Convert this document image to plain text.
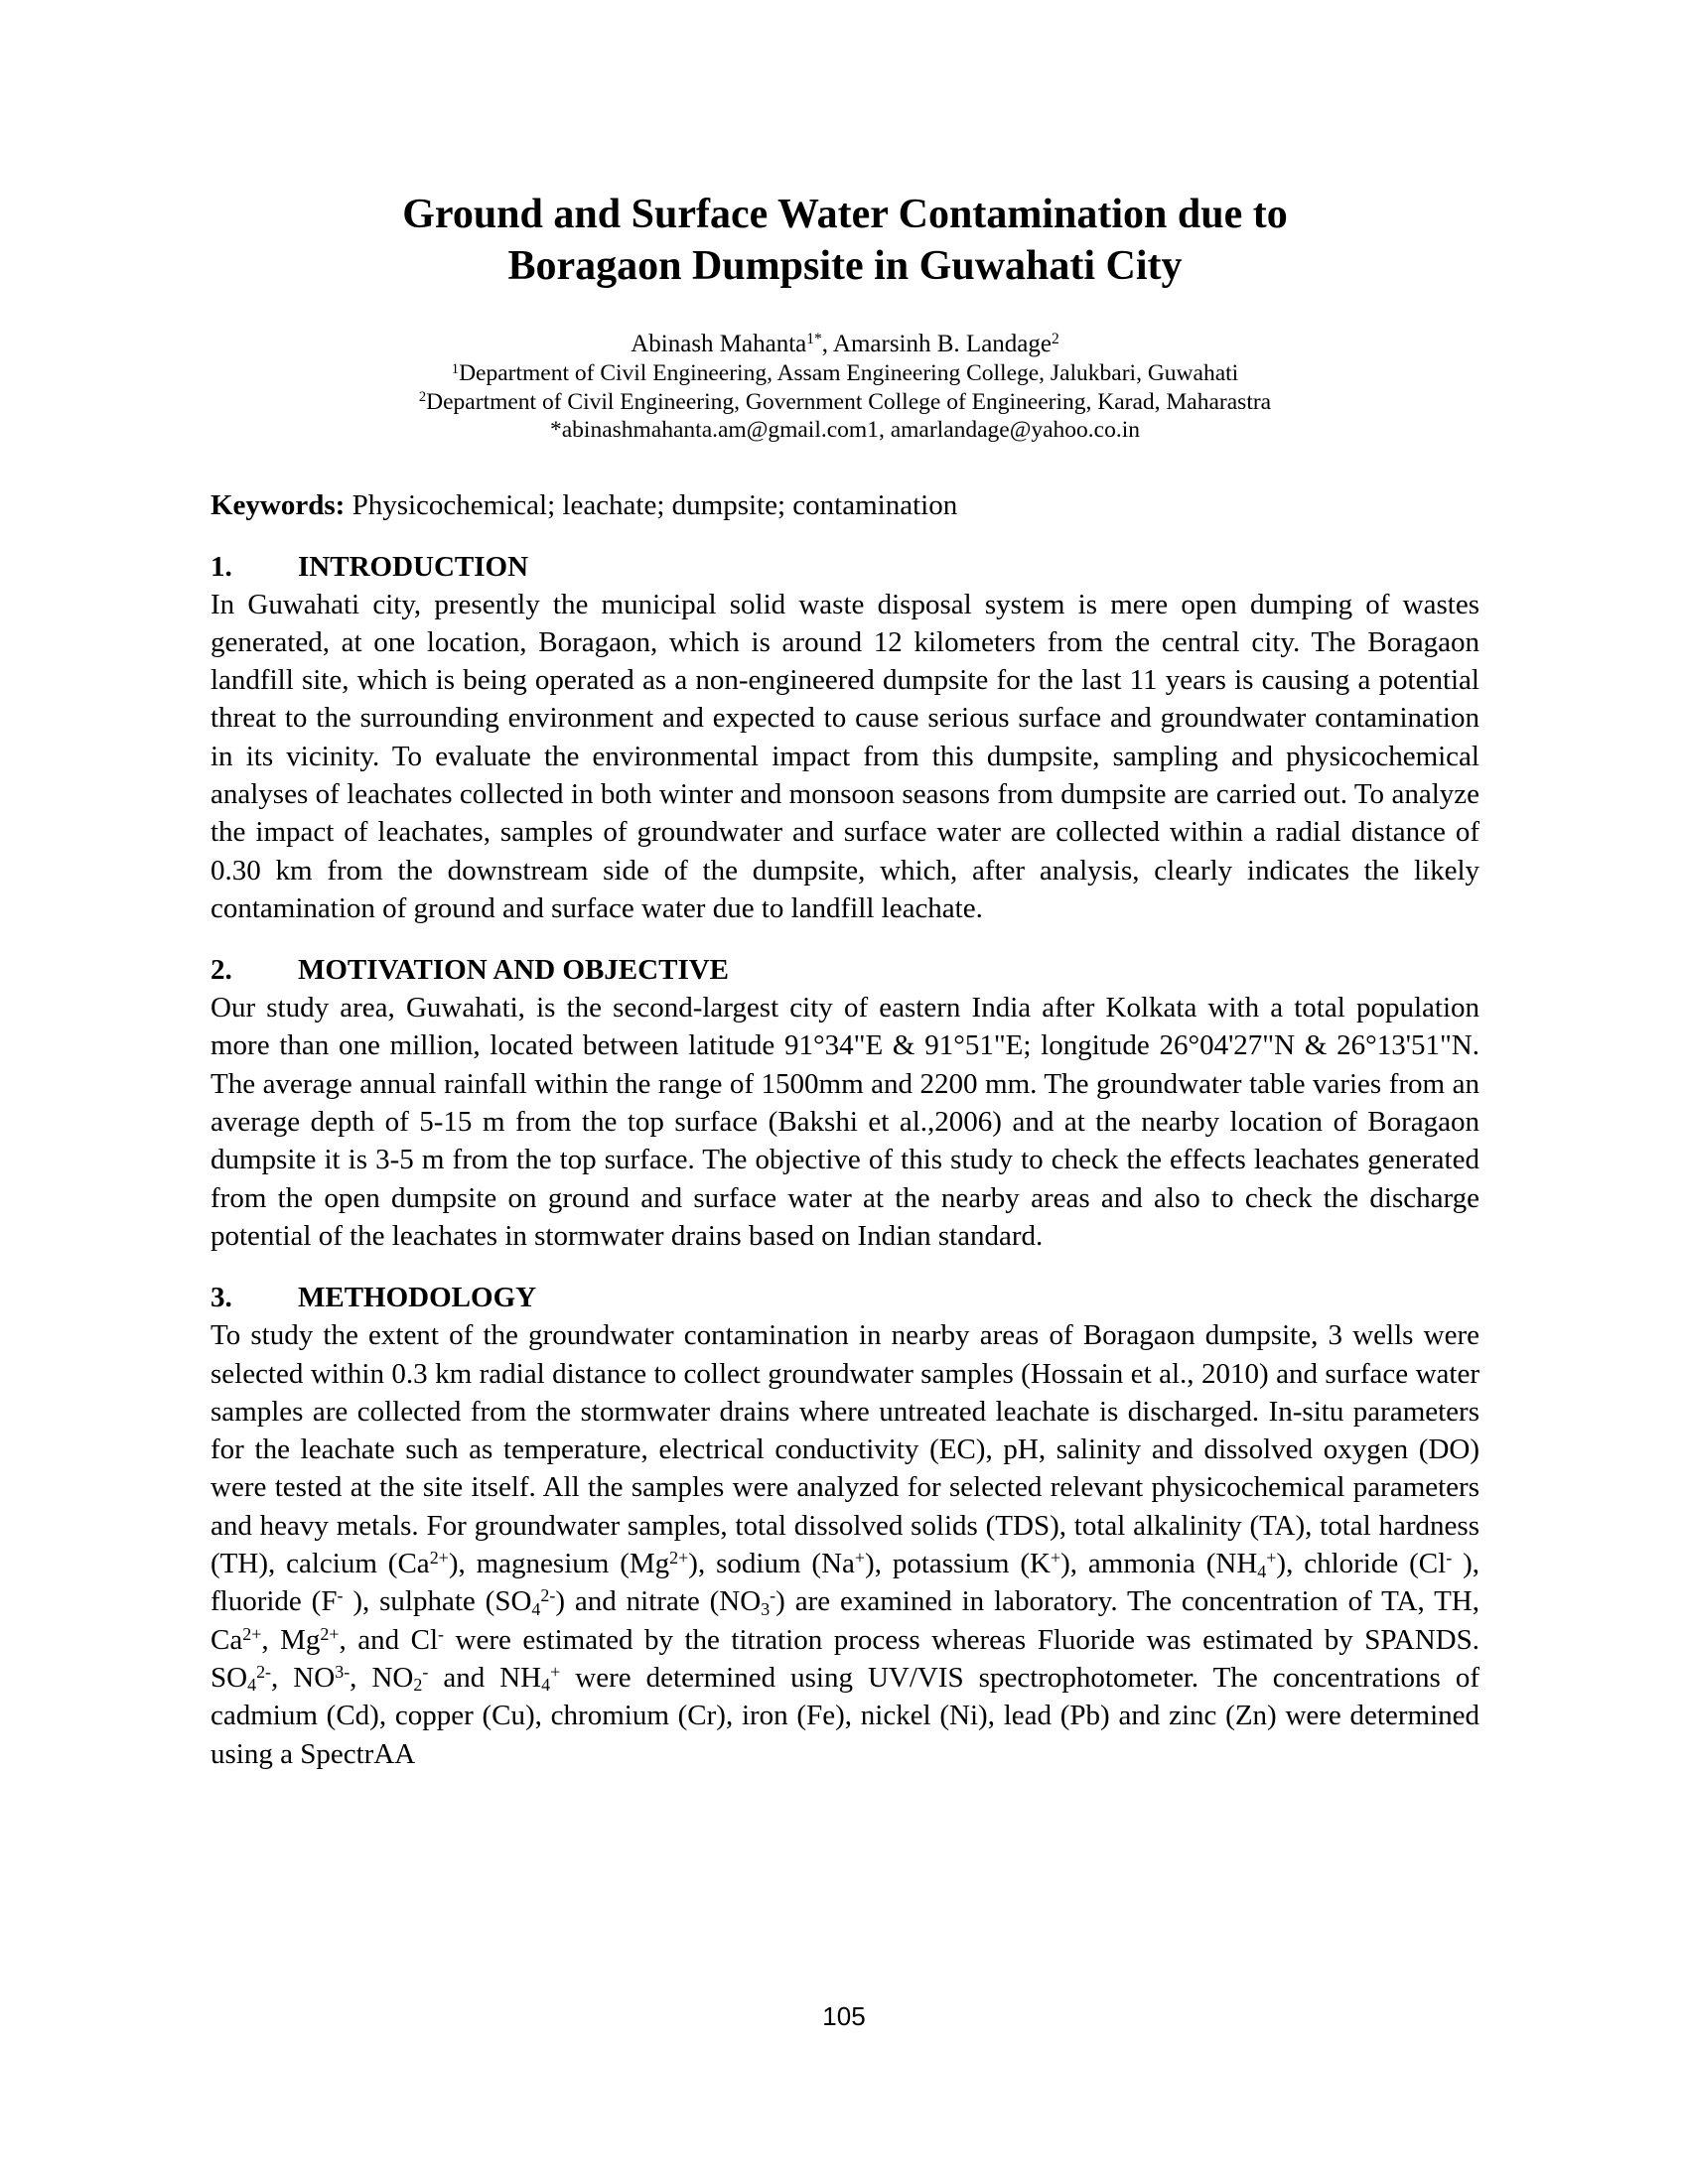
Ground and Surface Water Contamination due to
Boragaon Dumpsite in Guwahati City

Abinash Mahanta$^{1*}$, Amarsinh B. Landage$^2$

$^1$Department of Civil Engineering, Assam Engineering College, Jalukbari, Guwahati

$^2$Department of Civil Engineering, Government College of Engineering, Karad, Maharastra

*abinashmahanta.am@gmail.com1, amarlandage@yahoo.co.in

Keywords: Physicochemical; leachate; dumpsite; contamination

1. INTRODUCTION

In Guwahati city, presently the municipal solid waste disposal system is mere open dumping of wastes generated, at one location, Boragaon, which is around 12 kilometers from the central city. The Boragaon landfill site, which is being operated as a non-engineered dumpsite for the last 11 years is causing a potential threat to the surrounding environment and expected to cause serious surface and groundwater contamination in its vicinity. To evaluate the environmental impact from this dumpsite, sampling and physicochemical analyses of leachates collected in both winter and monsoon seasons from dumpsite are carried out. To analyze the impact of leachates, samples of groundwater and surface water are collected within a radial distance of 0.30 km from the downstream side of the dumpsite, which, after analysis, clearly indicates the likely contamination of ground and surface water due to landfill leachate.

2. MOTIVATION AND OBJECTIVE

Our study area, Guwahati, is the second-largest city of eastern India after Kolkata with a total population more than one million, located between latitude 91°34"E & 91°51"E; longitude 26°04'27"N & 26°13'51"N. The average annual rainfall within the range of 1500mm and 2200 mm. The groundwater table varies from an average depth of 5-15 m from the top surface (Bakshi et al.,2006) and at the nearby location of Boragaon dumpsite it is 3-5 m from the top surface. The objective of this study to check the effects leachates generated from the open dumpsite on ground and surface water at the nearby areas and also to check the discharge potential of the leachates in stormwater drains based on Indian standard.

3. METHODOLOGY

To study the extent of the groundwater contamination in nearby areas of Boragaon dumpsite, 3 wells were selected within 0.3 km radial distance to collect groundwater samples (Hossain et al., 2010) and surface water samples are collected from the stormwater drains where untreated leachate is discharged. In-situ parameters for the leachate such as temperature, electrical conductivity (EC), pH, salinity and dissolved oxygen (DO) were tested at the site itself. All the samples were analyzed for selected relevant physicochemical parameters and heavy metals. For groundwater samples, total dissolved solids (TDS), total alkalinity (TA), total hardness (TH), calcium $(Ca^{2+})$, magnesium $(Mg^{2+})$, sodium (Na+), potassium (K+), ammonia $(NH_4^+)$, chloride (Cl- ), fluoride (F- ), sulphate $(SO_4^{2-})$ and nitrate $(NO_3^-)$ are examined in laboratory. The concentration of TA, TH, $Ca^{2+}$, $Mg^{2+}$, and Cl- were estimated by the titration process whereas Fluoride was estimated by SPANDS. $SO_4^{2-}$, $NO^{3-}$, $NO_2^-$ and $NH_4^+$ were determined using UV/VIS spectrophotometer. The concentrations of cadmium (Cd), copper (Cu), chromium (Cr), iron (Fe), nickel (Ni), lead (Pb) and zinc (Zn) were determined using a SpectrAA

105
